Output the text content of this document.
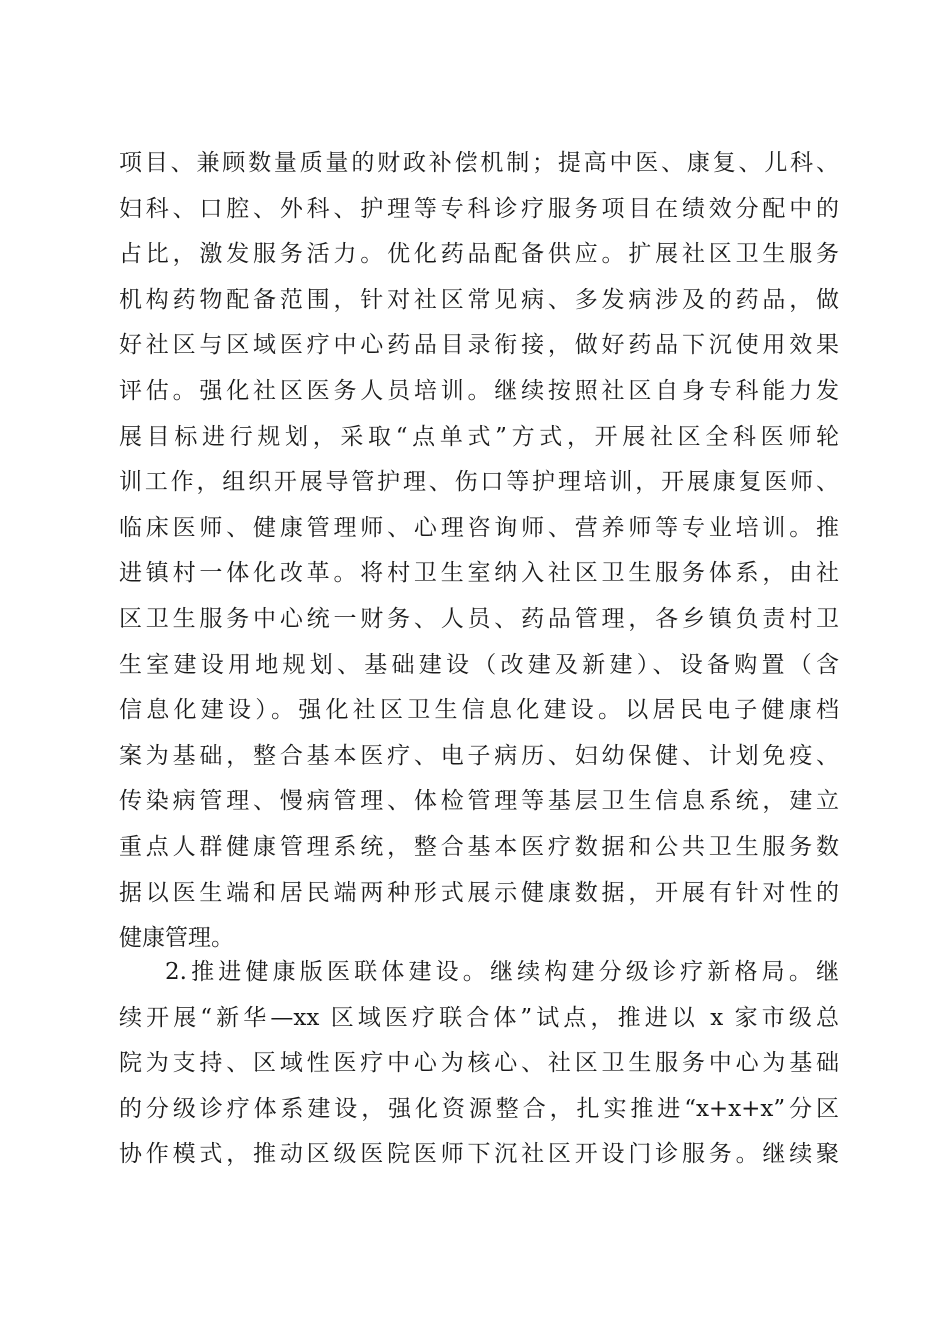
项目、兼顾数量质量的财政补偿机制；提高中医、康复、儿科、
妇科、口腔、外科、护理等专科诊疗服务项目在绩效分配中的
占比，激发服务活力。优化药品配备供应。扩展社区卫生服务
机构药物配备范围，针对社区常见病、多发病涉及的药品，做
好社区与区域医疗中心药品目录衔接，做好药品下沉使用效果
评估。强化社区医务人员培训。继续按照社区自身专科能力发
展目标进行规划，采取“点单式”方式，开展社区全科医师轮
训工作，组织开展导管护理、伤口等护理培训，开展康复医师、
临床医师、健康管理师、心理咨询师、营养师等专业培训。推
进镇村一体化改革。将村卫生室纳入社区卫生服务体系，由社
区卫生服务中心统一财务、人员、药品管理，各乡镇负责村卫
生室建设用地规划、基础建设（改建及新建）、设备购置（含
信息化建设）。强化社区卫生信息化建设。以居民电子健康档
案为基础，整合基本医疗、电子病历、妇幼保健、计划免疫、
传染病管理、慢病管理、体检管理等基层卫生信息系统，建立
重点人群健康管理系统，整合基本医疗数据和公共卫生服务数
据以医生端和居民端两种形式展示健康数据，开展有针对性的
健康管理。
2.推进健康版医联体建设。继续构建分级诊疗新格局。继
续开展“新华—xx 区域医疗联合体”试点，推进以 x 家市级总
院为支持、区域性医疗中心为核心、社区卫生服务中心为基础
的分级诊疗体系建设，强化资源整合，扎实推进“x+x+x”分区
协作模式，推动区级医院医师下沉社区开设门诊服务。继续聚
